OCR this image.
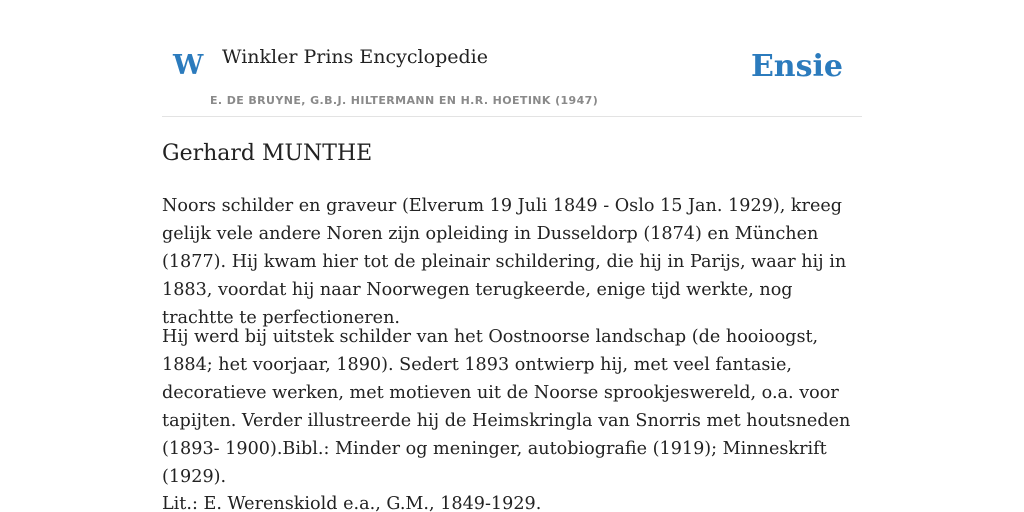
W Winkler Prins Encyclopedie
E. DE BRUYNE, G.B.J. HILTERMANN EN H.R. HOETINK (1947)
Ensie
Gerhard MUNTHE

Noors schilder en graveur (Elverum 19 Juli 1849 - Oslo 15 Jan. 1929), kreeg gelijk vele andere Noren zijn opleiding in Dusseldorp (1874) en München (1877). Hij kwam hier tot de pleinair schildering, die hij in Parijs, waar hij in 1883, voordat hij naar Noorwegen terugkeerde, enige tijd werkte, nog trachtte te perfectioneren.

Hij werd bij uitstek schilder van het Oostnoorse landschap (de hooioogst, 1884; het voorjaar, 1890). Sedert 1893 ontwierp hij, met veel fantasie, decoratieve werken, met motieven uit de Noorse sprookjeswereld, o.a. voor tapijten. Verder illustreerde hij de Heimskringla van Snorris met houtsneden (1893- 1900).Bibl.: Minder og meninger, autobiografie (1919); Minneskrift (1929).

Lit.: E. Werenskiold e.a., G.M., 1849-1929.
